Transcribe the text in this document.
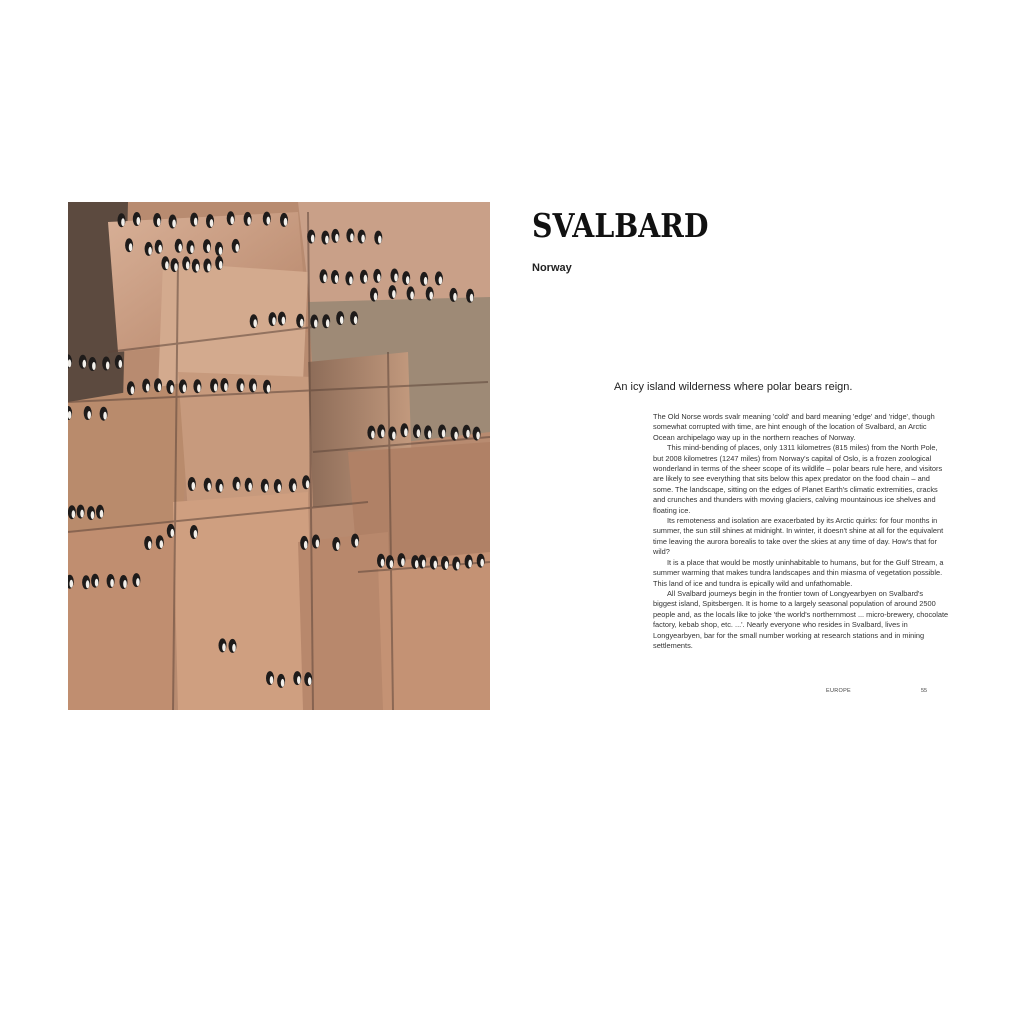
SVALBARD
Norway
An icy island wilderness where polar bears reign.

The Old Norse words svalr meaning 'cold' and bard meaning 'edge' and 'ridge', though somewhat corrupted with time, are hint enough of the location of Svalbard, an Arctic Ocean archipelago way up in the northern reaches of Norway.

This mind-bending of places, only 1311 kilometres (815 miles) from the North Pole, but 2008 kilometres (1247 miles) from Norway's capital of Oslo, is a frozen zoological wonderland in terms of the sheer scope of its wildlife – polar bears rule here, and visitors are likely to see everything that sits below this apex predator on the food chain – and some. The landscape, sitting on the edges of Planet Earth's climatic extremities, cracks and crunches and thunders with moving glaciers, calving mountainous ice shelves and floating ice.

Its remoteness and isolation are exacerbated by its Arctic quirks: for four months in summer, the sun still shines at midnight. In winter, it doesn't shine at all for the equivalent time leaving the aurora borealis to take over the skies at any time of day. How's that for wild?

It is a place that would be mostly uninhabitable to humans, but for the Gulf Stream, a summer warming that makes tundra landscapes and thin miasma of vegetation possible. This land of ice and tundra is epically wild and unfathomable.

All Svalbard journeys begin in the frontier town of Longyearbyen on Svalbard's biggest island, Spitsbergen. It is home to a largely seasonal population of around 2500 people and, as the locals like to joke 'the world's northernmost ... micro-brewery, chocolate factory, kebab shop, etc. ...'. Nearly everyone who resides in Svalbard, lives in Longyearbyen, bar for the small number working at research stations and in mining settlements.

EUROPE	55
